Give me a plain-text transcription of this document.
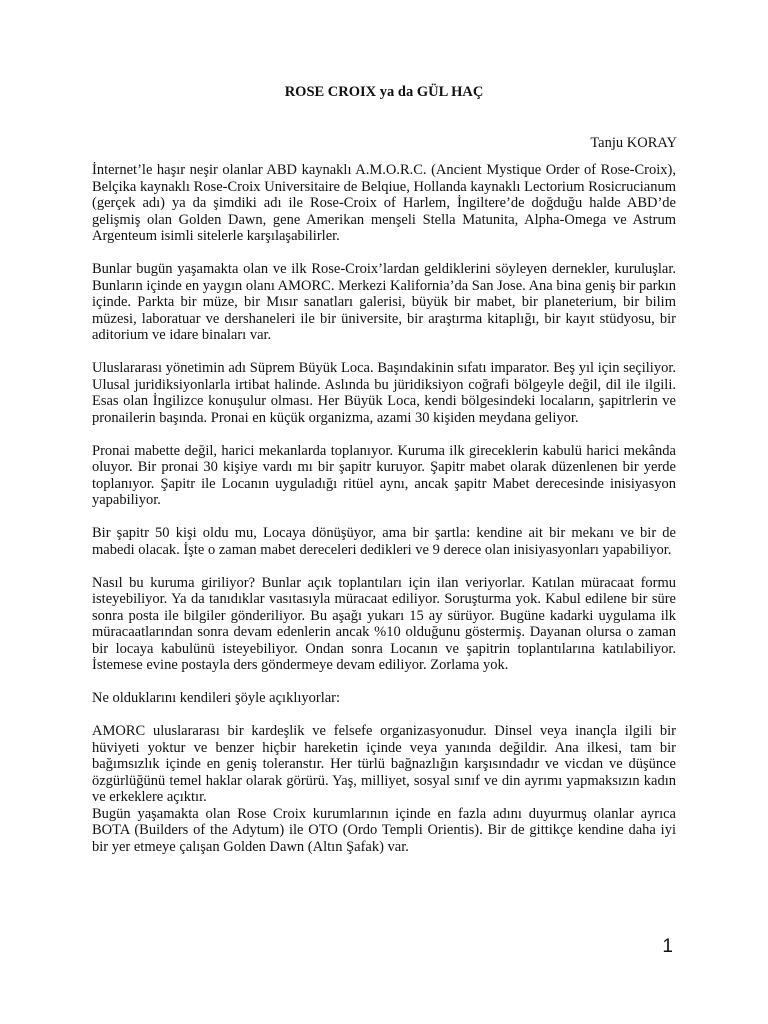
ROSE CROIX ya da GÜL HAÇ

Tanju KORAY

İnternet’le haşır neşir olanlar ABD kaynaklı A.M.O.R.C. (Ancient Mystique Order of Rose-Croix), Belçika kaynaklı Rose-Croix Universitaire de Belqiue, Hollanda kaynaklı Lectorium Rosicrucianum (gerçek adı) ya da şimdiki adı ile Rose-Croix of Harlem, İngiltere’de doğduğu halde ABD’de gelişmiş olan Golden Dawn, gene Amerikan menşeli Stella Matunita, Alpha-Omega ve Astrum Argenteum isimli sitelerle karşılaşabilirler.

Bunlar bugün yaşamakta olan ve ilk Rose-Croix’lardan geldiklerini söyleyen dernekler, kuruluşlar. Bunların içinde en yaygın olanı AMORC. Merkezi Kalifornia’da San Jose. Ana bina geniş bir parkın içinde. Parkta bir müze, bir Mısır sanatları galerisi, büyük bir mabet, bir planeterium, bir bilim müzesi, laboratuar ve dershaneleri ile bir üniversite, bir araştırma kitaplığı, bir kayıt stüdyosu, bir aditorium ve idare binaları var.

Uluslararası yönetimin adı Süprem Büyük Loca. Başındakinin sıfatı imparator. Beş yıl için seçiliyor. Ulusal juridiksiyonlarla irtibat halinde. Aslında bu jüridiksiyon coğrafi bölgeyle değil, dil ile ilgili. Esas olan İngilizce konuşulur olması. Her Büyük Loca, kendi bölgesindeki locaların, şapitrlerin ve pronailerin başında. Pronai en küçük organizma, azami 30 kişiden meydana geliyor.

Pronai mabette değil, harici mekanlarda toplanıyor. Kuruma ilk gireceklerin kabulü harici mekânda oluyor. Bir pronai 30 kişiye vardı mı bir şapitr kuruyor. Şapitr mabet olarak düzenlenen bir yerde toplanıyor. Şapitr ile Locanın uyguladığı ritüel aynı, ancak şapitr Mabet derecesinde inisiyasyon yapabiliyor.

Bir şapitr 50 kişi oldu mu, Locaya dönüşüyor, ama bir şartla: kendine ait bir mekanı ve bir de mabedi olacak. İşte o zaman mabet dereceleri dedikleri ve 9 derece olan inisiyasyonları yapabiliyor.

Nasıl bu kuruma giriliyor? Bunlar açık toplantıları için ilan veriyorlar. Katılan müracaat formu isteyebiliyor. Ya da tanıdıklar vasıtasıyla müracaat ediliyor. Soruşturma yok. Kabul edilene bir süre sonra posta ile bilgiler gönderiliyor. Bu aşağı yukarı 15 ay sürüyor. Bugüne kadarki uygulama ilk müracaatlarından sonra devam edenlerin ancak %10 olduğunu göstermiş. Dayanan olursa o zaman bir locaya kabulünü isteyebiliyor. Ondan sonra Locanın ve şapitrin toplantılarına katılabiliyor. İstemese evine postayla ders göndermeye devam ediliyor. Zorlama yok.

Ne olduklarını kendileri şöyle açıklıyorlar:

AMORC uluslararası bir kardeşlik ve felsefe organizasyonudur. Dinsel veya inançla ilgili bir hüviyeti yoktur ve benzer hiçbir hareketin içinde veya yanında değildir. Ana ilkesi, tam bir bağımsızlık içinde en geniş toleranstır. Her türlü bağnazlığın karşısındadır ve vicdan ve düşünce özgürlüğünü temel haklar olarak görürü. Yaş, milliyet, sosyal sınıf ve din ayrımı yapmaksızın kadın ve erkeklere açıktır.

Bugün yaşamakta olan Rose Croix kurumlarının içinde en fazla adını duyurmuş olanlar ayrıca BOTA (Builders of the Adytum) ile OTO (Ordo Templi Orientis). Bir de gittikçe kendine daha iyi bir yer etmeye çalışan Golden Dawn (Altın Şafak) var.

1
